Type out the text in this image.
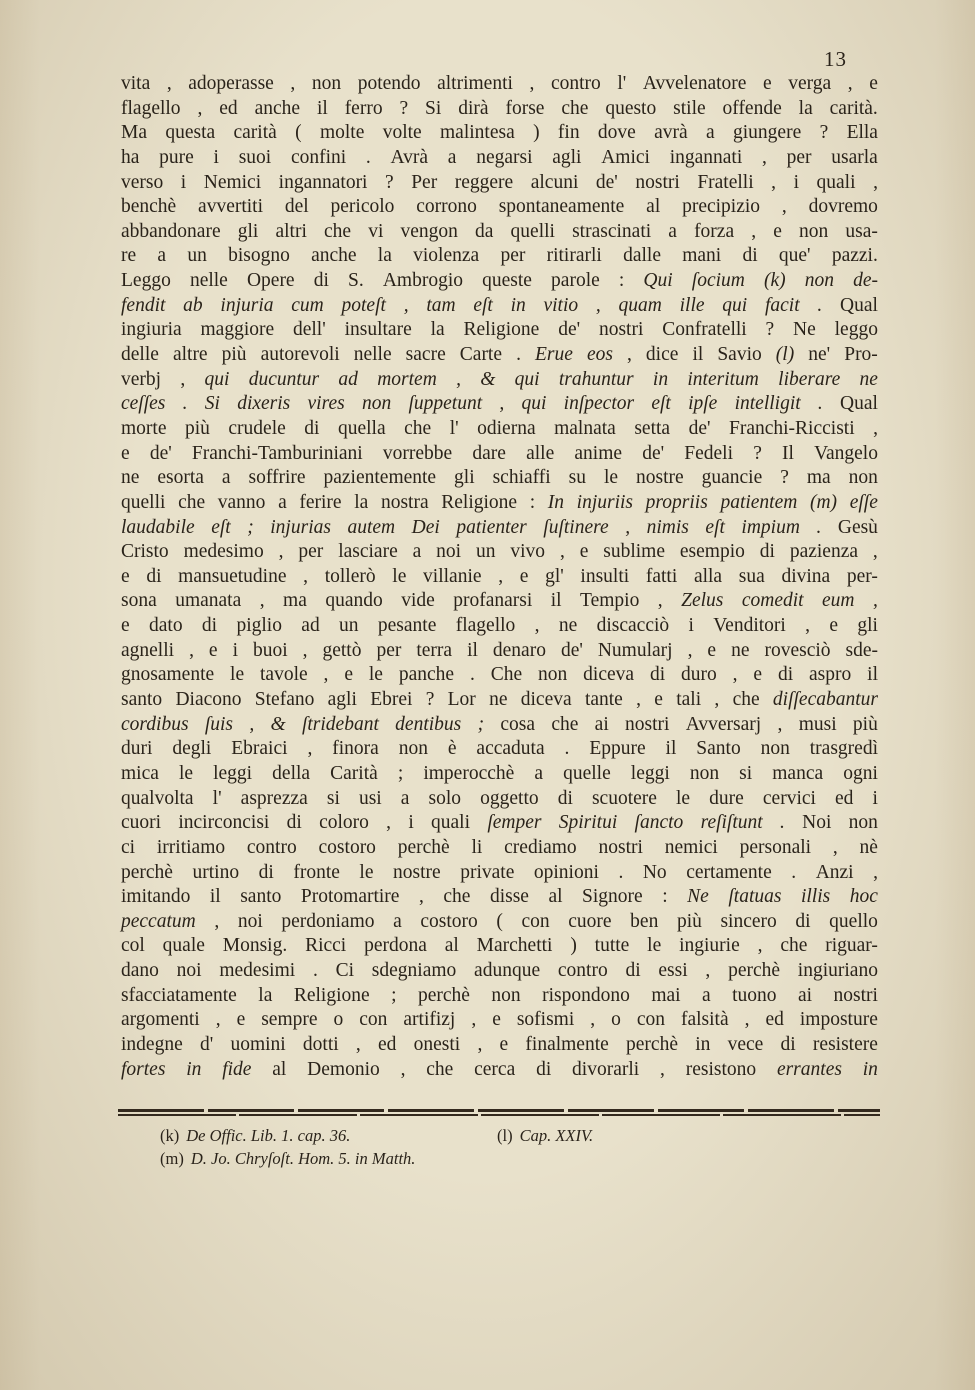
13
vita , adoperasse , non potendo altrimenti , contro l' Avvelenatore e verga , e
flagello , ed anche il ferro ? Si dirà forse che questo stile offende la carità.
Ma questa carità ( molte volte malintesa ) fin dove avrà a giungere ? Ella
ha pure i suoi confini . Avrà a negarsi agli Amici ingannati , per usarla
verso i Nemici ingannatori ? Per reggere alcuni de' nostri Fratelli , i quali ,
benchè avvertiti del pericolo corrono spontaneamente al precipizio , dovremo
abbandonare gli altri che vi vengon da quelli strascinati a forza , e non usa-
re a un bisogno anche la violenza per ritirarli dalle mani di que' pazzi.
Leggo nelle Opere di S. Ambrogio queste parole : Qui ſocium (k) non de-
fendit ab injuria cum poteſt , tam eſt in vitio , quam ille qui facit . Qual
ingiuria maggiore dell' insultare la Religione de' nostri Confratelli ? Ne leggo
delle altre più autorevoli nelle sacre Carte . Erue eos , dice il Savio (l) ne' Pro-
verbj , qui ducuntur ad mortem , & qui trahuntur in interitum liberare ne
ceſſes . Si dixeris vires non ſuppetunt , qui inſpector eſt ipſe intelligit . Qual
morte più crudele di quella che l' odierna malnata setta de' Franchi-Riccisti ,
e de' Franchi-Tamburiniani vorrebbe dare alle anime de' Fedeli ? Il Vangelo
ne esorta a soffrire pazientemente gli schiaffi su le nostre guancie ? ma non
quelli che vanno a ferire la nostra Religione : In injuriis propriis patientem (m) eſſe
laudabile eſt ; injurias autem Dei patienter ſuſtinere , nimis eſt impium . Gesù
Cristo medesimo , per lasciare a noi un vivo , e sublime esempio di pazienza ,
e di mansuetudine , tollerò le villanie , e gl' insulti fatti alla sua divina per-
sona umanata , ma quando vide profanarsi il Tempio , Zelus comedit eum ,
e dato di piglio ad un pesante flagello , ne discacciò i Venditori , e gli
agnelli , e i buoi , gettò per terra il denaro de' Numularj , e ne rovesciò sde-
gnosamente le tavole , e le panche . Che non diceva di duro , e di aspro il
santo Diacono Stefano agli Ebrei ? Lor ne diceva tante , e tali , che diſſecabantur
cordibus ſuis , & ſtridebant dentibus ; cosa che ai nostri Avversarj , musi più
duri degli Ebraici , finora non è accaduta . Eppure il Santo non trasgredì
mica le leggi della Carità ; imperocchè a quelle leggi non si manca ogni
qualvolta l' asprezza si usi a solo oggetto di scuotere le dure cervici ed i
cuori incirconcisi di coloro , i quali ſemper Spiritui ſancto reſiſtunt . Noi non
ci irritiamo contro costoro perchè li crediamo nostri nemici personali , nè
perchè urtino di fronte le nostre private opinioni . No certamente . Anzi ,
imitando il santo Protomartire , che disse al Signore : Ne ſtatuas illis hoc
peccatum , noi perdoniamo a costoro ( con cuore ben più sincero di quello
col quale Monsig. Ricci perdona al Marchetti ) tutte le ingiurie , che riguar-
dano noi medesimi . Ci sdegniamo adunque contro di essi , perchè ingiuriano
sfacciatamente la Religione ; perchè non rispondono mai a tuono ai nostri
argomenti , e sempre o con artifizj , e sofismi , o con falsità , ed imposture
indegne d' uomini dotti , ed onesti , e finalmente perchè in vece di resistere
fortes in fide al Demonio , che cerca di divorarli , resistono errantes in
(k) De Offic. Lib. 1. cap. 36.	(l) Cap. XXIV.
(m) D. Jo. Chryſoſt. Hom. 5. in Matth.
